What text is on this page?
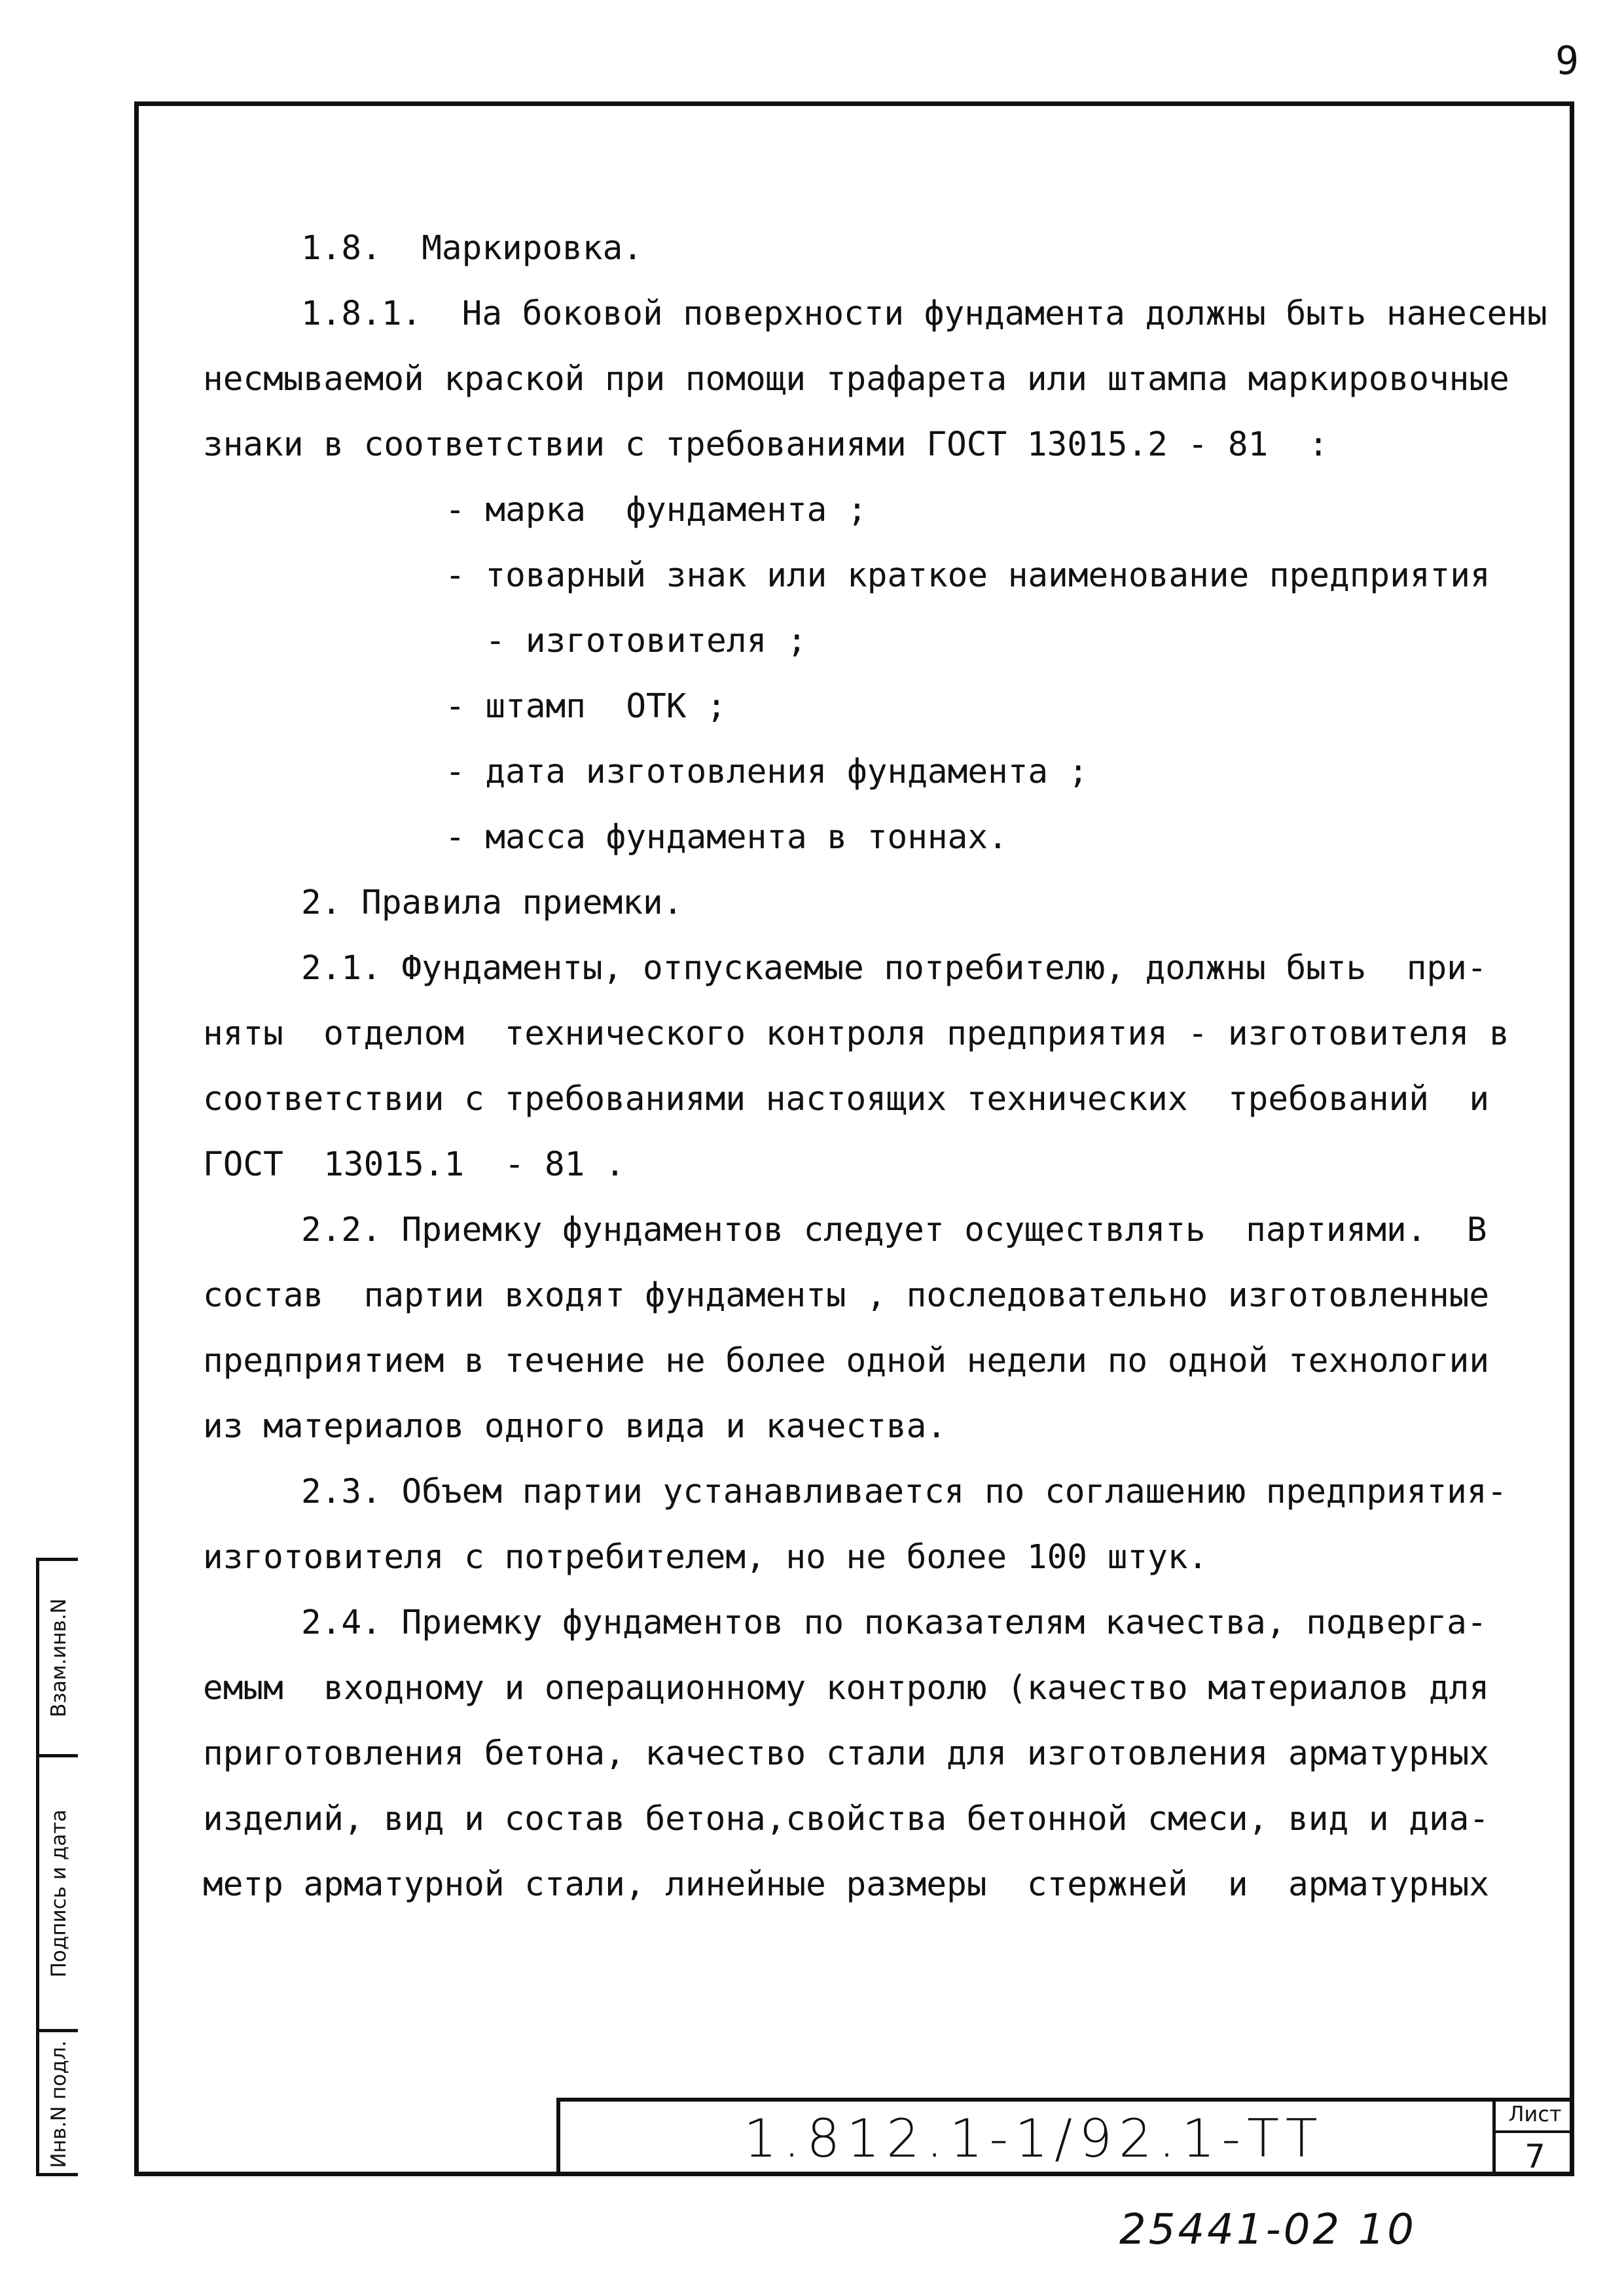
9
1.8.  Маркировка.
1.8.1.  На боковой поверхности фундамента должны быть нанесены
несмываемой краской при помощи трафарета или штампа маркировочные
знаки в соответствии с требованиями ГОСТ 13015.2 - 81  :
- марка  фундамента ;
- товарный знак или краткое наименование предприятия
- изготовителя ;
- штамп  ОТК ;
- дата изготовления фундамента ;
- масса фундамента в тоннах.
2. Правила приемки.
2.1. Фундаменты, отпускаемые потребителю, должны быть  при-
няты  отделом  технического контроля предприятия - изготовителя в
соответствии с требованиями настоящих технических  требований  и
ГОСТ  13015.1  - 81 .
2.2. Приемку фундаментов следует осуществлять  партиями.  В
состав  партии входят фундаменты , последовательно изготовленные
предприятием в течение не более одной недели по одной технологии
из материалов одного вида и качества.
2.3. Объем партии устанавливается по соглашению предприятия-
изготовителя с потребителем, но не более 100 штук.
2.4. Приемку фундаментов по показателям качества, подверга-
емым  входному и операционному контролю (качество материалов для
приготовления бетона, качество стали для изготовления арматурных
изделий, вид и состав бетона,свойства бетонной смеси, вид и диа-
метр арматурной стали, линейные размеры  стержней  и  арматурных
Взам.инв.N
Подпись и дата
Инв.N подл.	1.812.1-1/92.1-ТТ	Лист
7
25441-02 10
